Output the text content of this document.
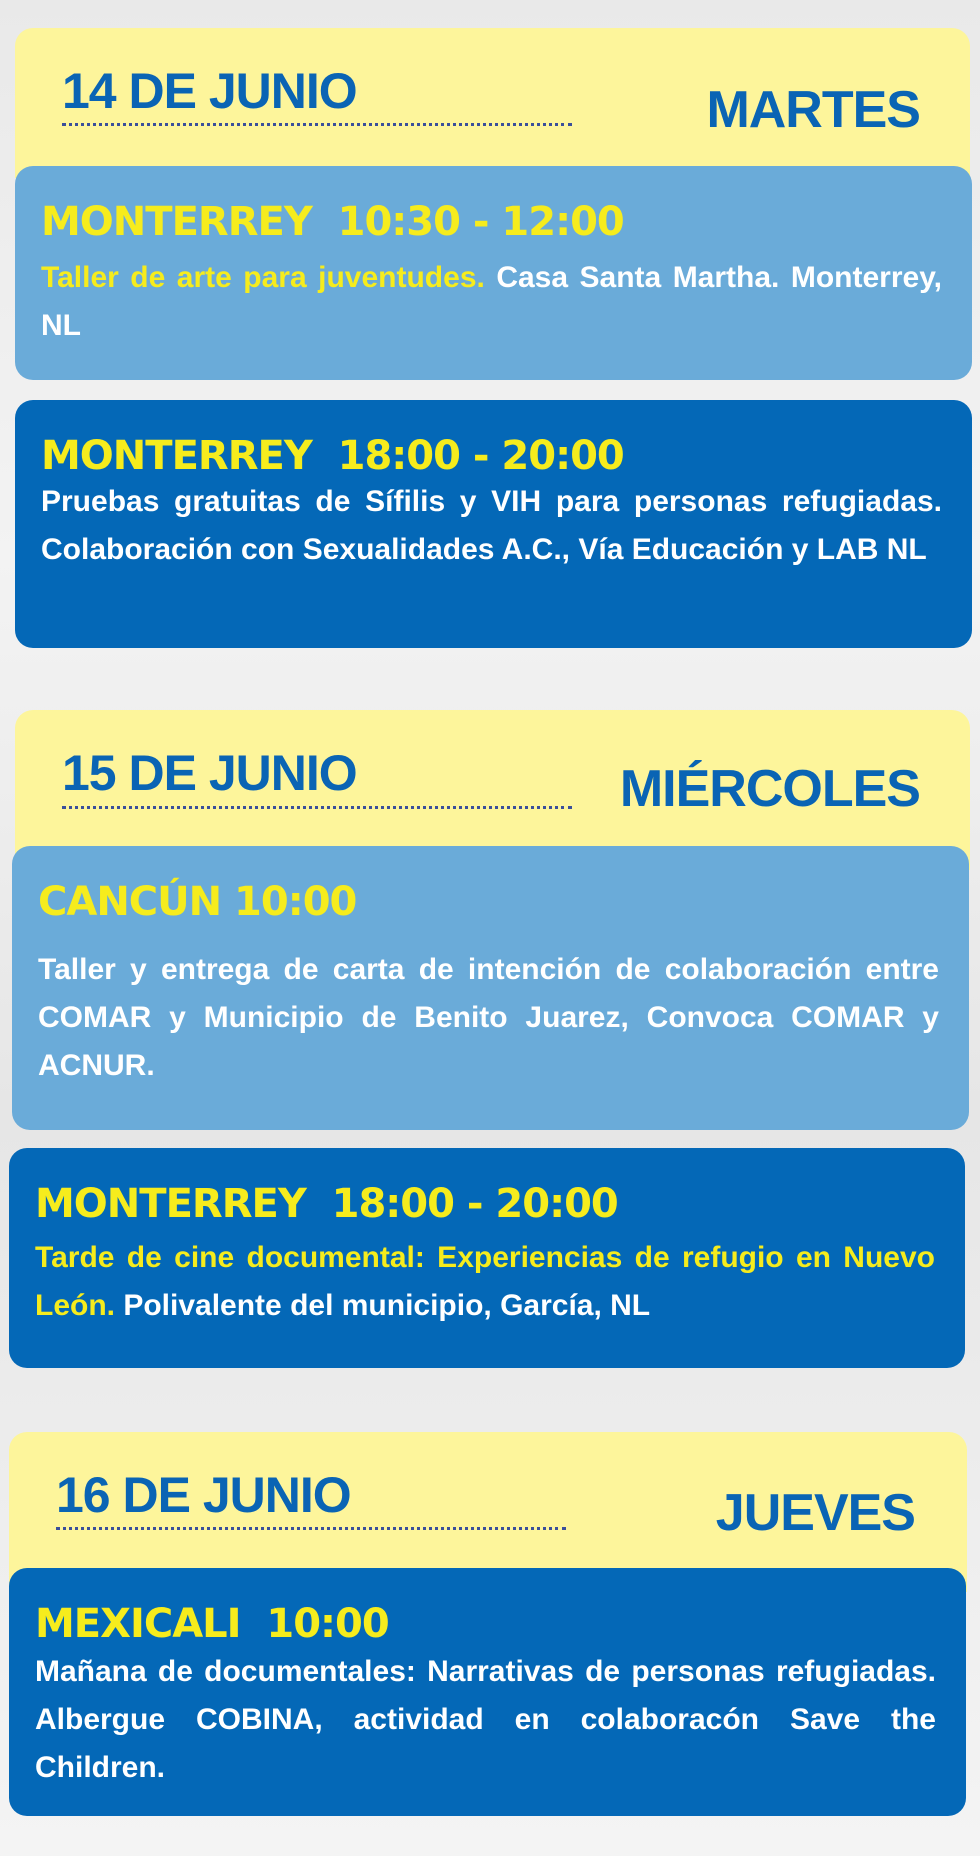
14 DE JUNIO	MARTES
MONTERREY  10:30 - 12:00
Taller de arte para juventudes. Casa Santa Martha. Monterrey, NL
MONTERREY  18:00 - 20:00
Pruebas gratuitas de Sífilis y VIH para personas refugiadas. Colaboración con Sexualidades A.C., Vía Educación y LAB NL
15 DE JUNIO	MIÉRCOLES
CANCÚN 10:00
Taller y entrega de carta de intención de colaboración entre COMAR y Municipio de Benito Juarez, Convoca COMAR y ACNUR.
MONTERREY  18:00 - 20:00
Tarde de cine documental: Experiencias de refugio en Nuevo León. Polivalente del municipio, García, NL
16 DE JUNIO	JUEVES
MEXICALI  10:00
Mañana de documentales: Narrativas de personas refugiadas. Albergue COBINA, actividad en colaboracón Save the Children.
